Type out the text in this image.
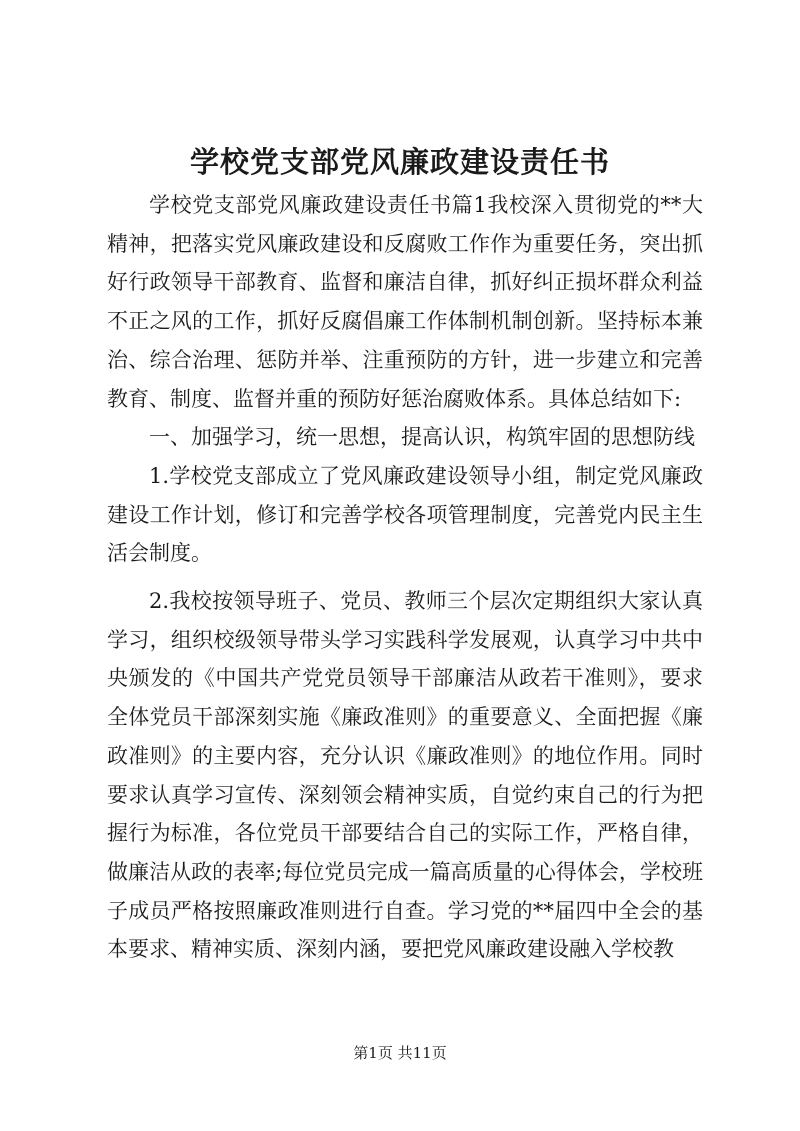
学校党支部党风廉政建设责任书

学校党支部党风廉政建设责任书篇1我校深入贯彻党的**大精神，把落实党风廉政建设和反腐败工作作为重要任务，突出抓好行政领导干部教育、监督和廉洁自律，抓好纠正损坏群众利益不正之风的工作，抓好反腐倡廉工作体制机制创新。坚持标本兼治、综合治理、惩防并举、注重预防的方针，进一步建立和完善教育、制度、监督并重的预防好惩治腐败体系。具体总结如下:

一、加强学习，统一思想，提高认识，构筑牢固的思想防线

1.学校党支部成立了党风廉政建设领导小组，制定党风廉政建设工作计划，修订和完善学校各项管理制度，完善党内民主生活会制度。

2.我校按领导班子、党员、教师三个层次定期组织大家认真学习，组织校级领导带头学习实践科学发展观，认真学习中共中央颁发的《中国共产党党员领导干部廉洁从政若干准则》，要求全体党员干部深刻实施《廉政准则》的重要意义、全面把握《廉政准则》的主要内容，充分认识《廉政准则》的地位作用。同时要求认真学习宣传、深刻领会精神实质，自觉约束自己的行为把握行为标准，各位党员干部要结合自己的实际工作，严格自律，做廉洁从政的表率;每位党员完成一篇高质量的心得体会，学校班子成员严格按照廉政准则进行自查。学习党的**届四中全会的基本要求、精神实质、深刻内涵，要把党风廉政建设融入学校教

第1页 共11页
